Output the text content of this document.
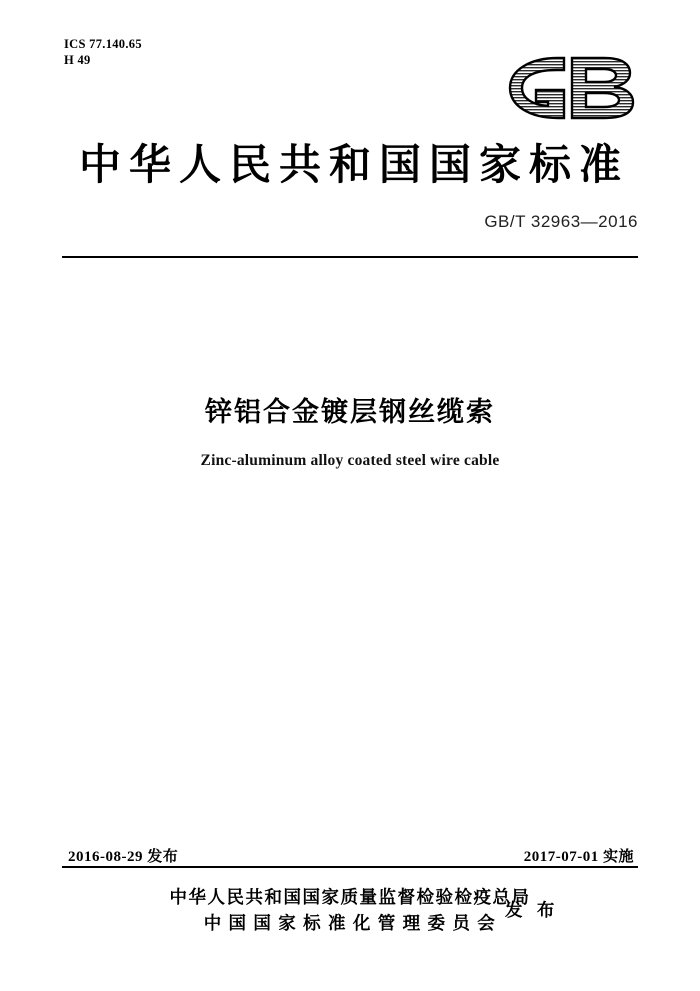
ICS 77.140.65
H 49
中华人民共和国国家标准
GB/T 32963—2016
锌铝合金镀层钢丝缆索
Zinc-aluminum alloy coated steel wire cable
2016-08-29 发布	2017-07-01 实施
中华人民共和国国家质量监督检验检疫总局
中 国 国 家 标 准 化 管 理 委 员 会
发 布
